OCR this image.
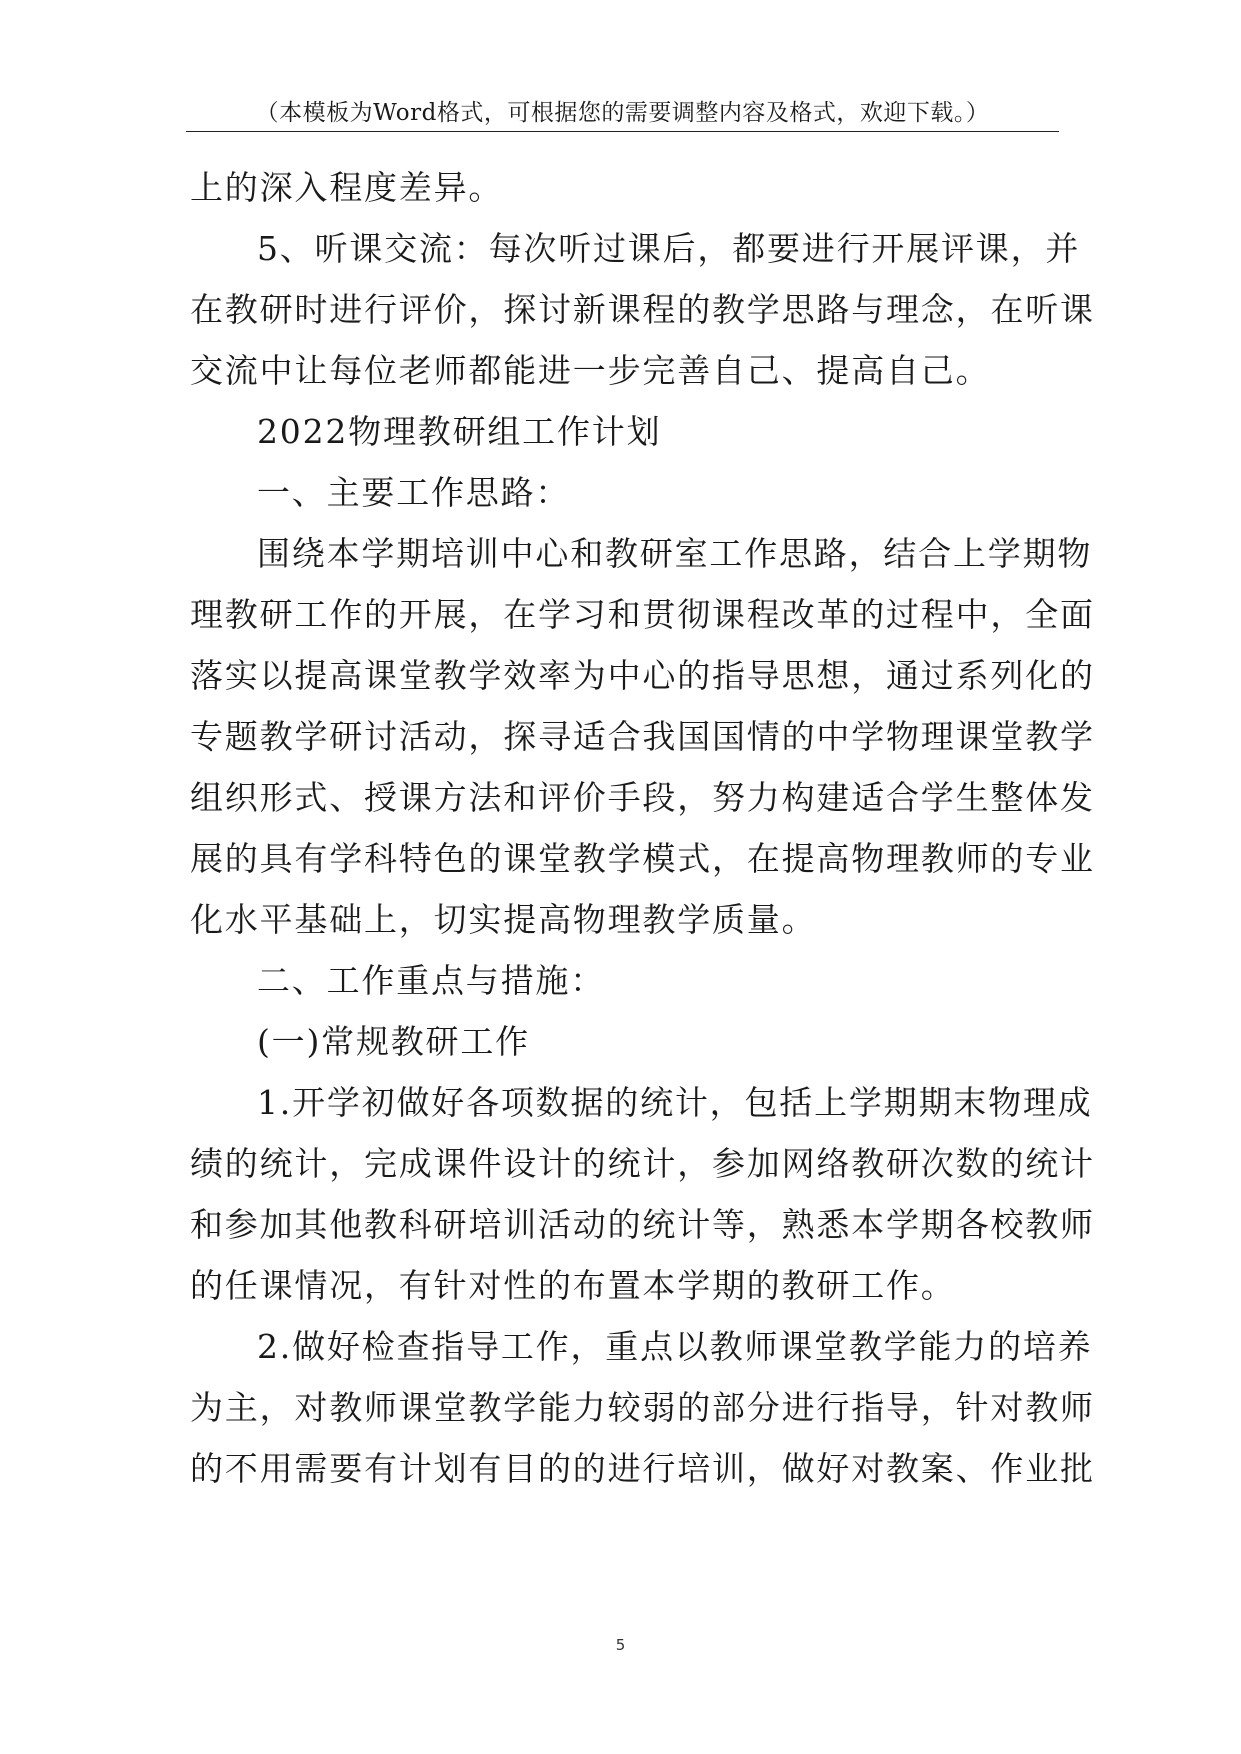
（本模板为Word格式，可根据您的需要调整内容及格式，欢迎下载。）
上的深入程度差异。
5、听课交流：每次听过课后，都要进行开展评课，并
在教研时进行评价，探讨新课程的教学思路与理念，在听课
交流中让每位老师都能进一步完善自己、提高自己。
2022物理教研组工作计划
一、主要工作思路：
围绕本学期培训中心和教研室工作思路，结合上学期物
理教研工作的开展，在学习和贯彻课程改革的过程中，全面
落实以提高课堂教学效率为中心的指导思想，通过系列化的
专题教学研讨活动，探寻适合我国国情的中学物理课堂教学
组织形式、授课方法和评价手段，努力构建适合学生整体发
展的具有学科特色的课堂教学模式，在提高物理教师的专业
化水平基础上，切实提高物理教学质量。
二、工作重点与措施：
(一)常规教研工作
1.开学初做好各项数据的统计，包括上学期期末物理成
绩的统计，完成课件设计的统计，参加网络教研次数的统计
和参加其他教科研培训活动的统计等，熟悉本学期各校教师
的任课情况，有针对性的布置本学期的教研工作。
2.做好检查指导工作，重点以教师课堂教学能力的培养
为主，对教师课堂教学能力较弱的部分进行指导，针对教师
的不用需要有计划有目的的进行培训，做好对教案、作业批
5
